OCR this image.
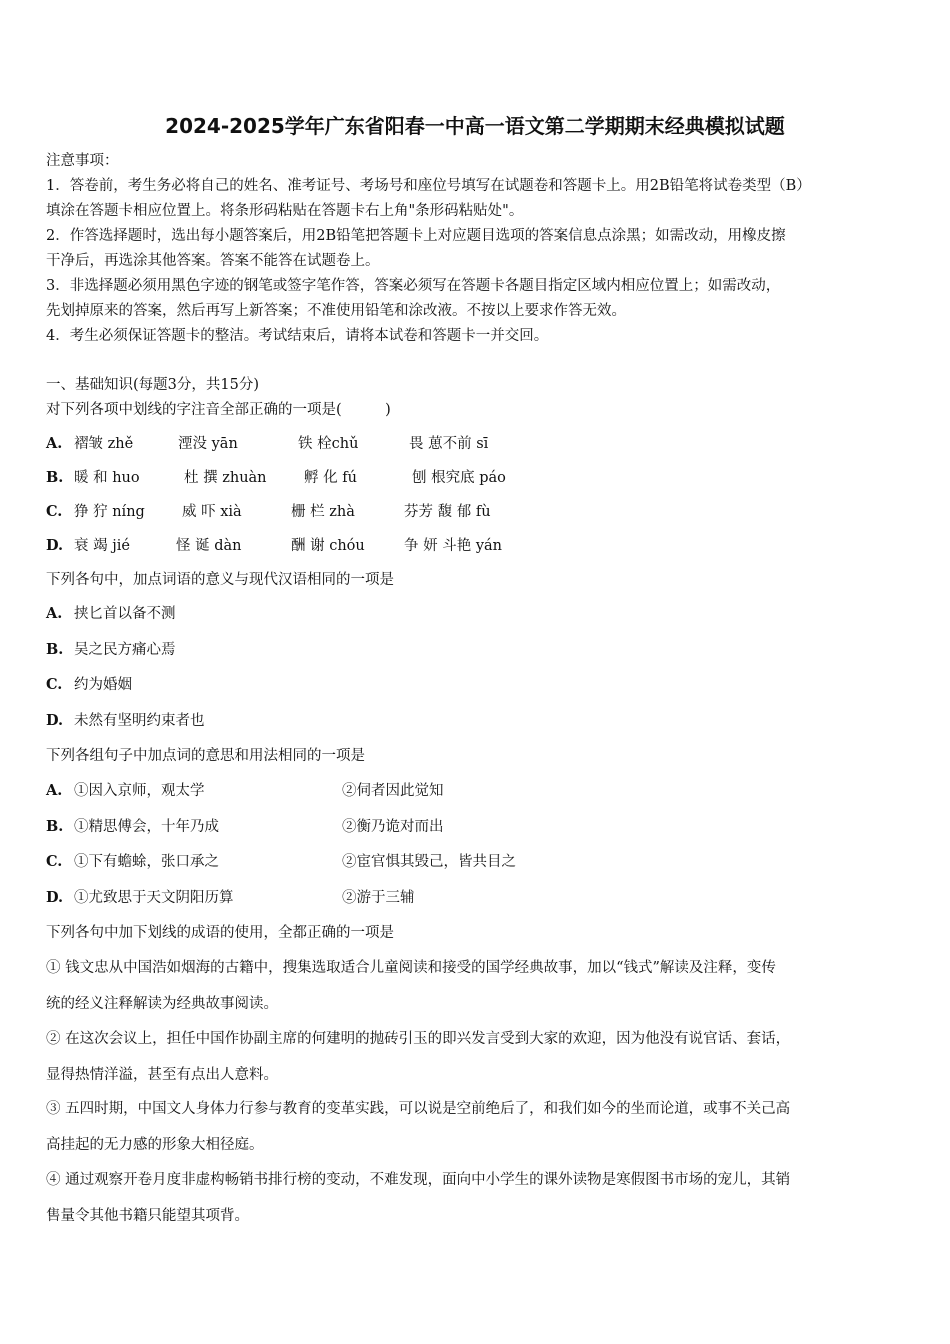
2024-2025学年广东省阳春一中高一语文第二学期期末经典模拟试题
注意事项：
1．答卷前，考生务必将自己的姓名、准考证号、考场号和座位号填写在试题卷和答题卡上。用2B铅笔将试卷类型（B）
填涂在答题卡相应位置上。将条形码粘贴在答题卡右上角"条形码粘贴处"。
2．作答选择题时，选出每小题答案后，用2B铅笔把答题卡上对应题目选项的答案信息点涂黑；如需改动，用橡皮擦
干净后，再选涂其他答案。答案不能答在试题卷上。
3．非选择题必须用黑色字迹的钢笔或签字笔作答，答案必须写在答题卡各题目指定区域内相应位置上；如需改动，
先划掉原来的答案，然后再写上新答案；不准使用铅笔和涂改液。不按以上要求作答无效。
4．考生必须保证答题卡的整洁。考试结束后，请将本试卷和答题卡一并交回。
一、基础知识(每题3分，共15分)
对下列各项中划线的字注音全部正确的一项是(　　　)
A. 褶皱 zhě	湮没 yān	铁 栓chǔ	畏 葸不前 sī
B. 暖 和 huo	杜 撰 zhuàn	孵 化 fú	刨 根究底 páo
C. 狰 狞 níng	威 吓 xià	栅 栏 zhà	芬芳 馥 郁 fù
D. 衰 竭 jié	怪 诞 dàn	酬 谢 chóu	争 妍 斗艳 yán
下列各句中，加点词语的意义与现代汉语相同的一项是
A. 挟匕首以备不测
B. 吴之民方痛心焉
C. 约为婚姻
D. 未然有坚明约束者也
下列各组句子中加点词的意思和用法相同的一项是
A. ①因入京师，观太学	②伺者因此觉知
B. ①精思傅会，十年乃成	②衡乃诡对而出
C. ①下有蟾蜍，张口承之	②宦官惧其毁己，皆共目之
D. ①尤致思于天文阴阳历算	②游于三辅
下列各句中加下划线的成语的使用，全都正确的一项是
① 钱文忠从中国浩如烟海的古籍中，搜集选取适合儿童阅读和接受的国学经典故事，加以“钱式”解读及注释，变传
统的经义注释解读为经典故事阅读。
② 在这次会议上，担任中国作协副主席的何建明的抛砖引玉的即兴发言受到大家的欢迎，因为他没有说官话、套话，
显得热情洋溢，甚至有点出人意料。
③ 五四时期，中国文人身体力行参与教育的变革实践，可以说是空前绝后了，和我们如今的坐而论道，或事不关己高
高挂起的无力感的形象大相径庭。
④ 通过观察开卷月度非虚构畅销书排行榜的变动，不难发现，面向中小学生的课外读物是寒假图书市场的宠儿，其销
售量令其他书籍只能望其项背。
